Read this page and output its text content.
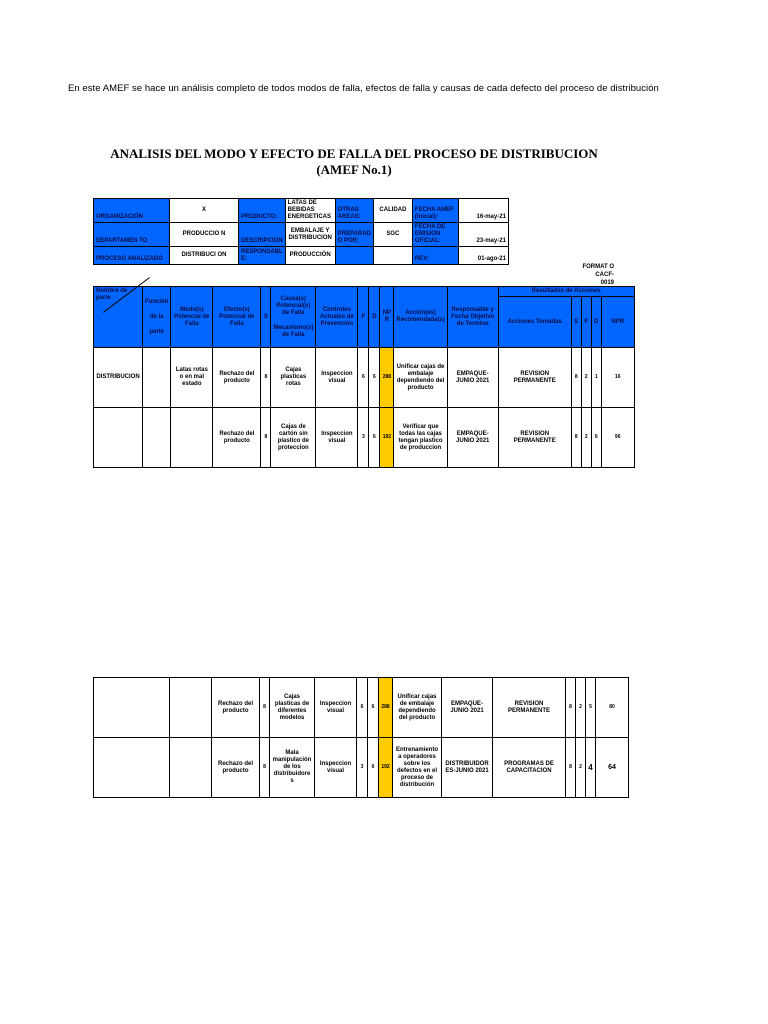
En este AMEF se hace un análisis completo de todos modos de falla, efectos de falla y causas de cada defecto del proceso de distribución
ANALISIS DEL MODO Y EFECTO DE FALLA DEL PROCESO DE DISTRIBUCION
(AMEF No.1)
ORGANIZACIÓN	X	PRODUCTO:	LATAS DE BEBIDAS ENERGETICAS	OTRAS AREAS:	CALIDAD	FECHA AMEF (Inicial):	16-may-21
DEPARTAMEN TO	PRODUCCIO N	DESCRIPCION	EMBALAJE Y DISTRIBUCION	PREPARAD O POR:	SGC	FECHA DE EMISION OFICIAL:	23-may-21
PROCESO ANALIZADO	DISTRIBUCI ON	RESPONSABL E:	PRODUCCIÓN			REV:	01-ago-21
FORMAT O CACF- 0019
Nombre de parte	Función de la parte	Modo(s) Potencial de Falla	Efecto(s) Potencial de Falla	S	Causa(s) Potencial(s) de Falla
Mecanismo(s) de Falla	Controles Actuales de Prevención	F	D	NP R	Acción(es) Recomendada(s)	Responsable y Fecha Objetivo de Termino	Resultados de Acciones				
												Acciones Tomadas	S	F	D	NPR
DISTRIBUCION		Latas rotas o en mal estado	Rechazo del producto	8	Cajas plasticas rotas	Inspeccion visual	6	6	288	Unificar cajas de embalaje dependiendo del producto	EMPAQUE- JUNIO 2021	REVISION PERMANENTE	8	2	1	16
			Rechazo del producto	8	Cajas de cartón sin plastico de proteccion	Inspeccion visual	3	6	192	Verificar que todas las cajas tengan plastico de produccion	EMPAQUE- JUNIO 2021	REVISION PERMANENTE	8	2	6	96
		Rechazo del producto	8	Cajas plasticas de diferentes modelos	Inspeccion visual	6	6	288	Unificar cajas de embalaje dependiendo del producto	EMPAQUE- JUNIO 2021	REVISION PERMANENTE	8	2	5	80
		Rechazo del producto	8	Mala manipulación de los distribuidore s	Inspeccion visual	3	6	192	Entrenamiento a operadores sobre los defectos en el proceso de distribución	DISTRIBUIDOR ES-JUNIO 2021	PROGRAMAS DE CAPACITACION	8	2	4	64
